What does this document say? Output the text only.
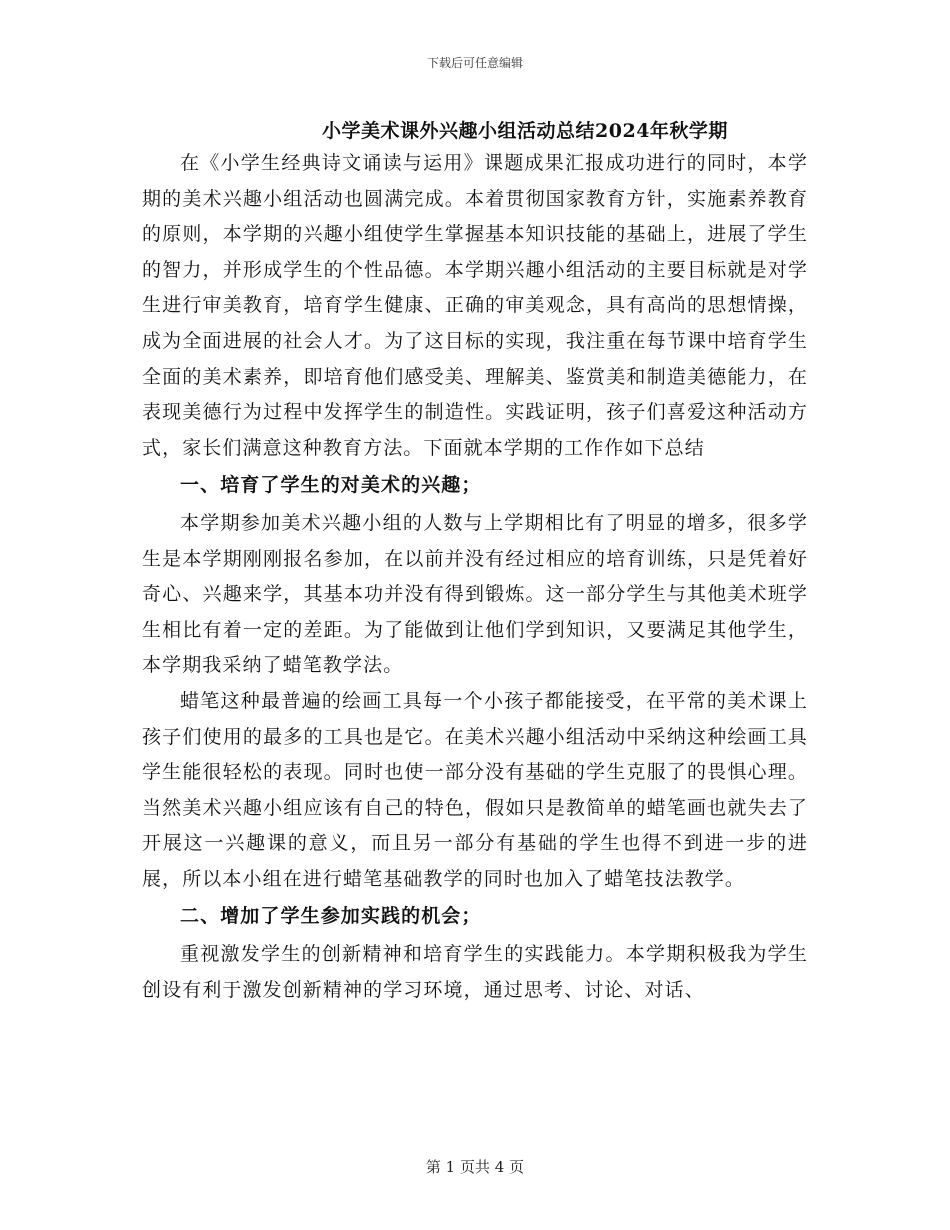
下载后可任意编辑
小学美术课外兴趣小组活动总结2024年秋学期

在《小学生经典诗文诵读与运用》课题成果汇报成功进行的同时，本学期的美术兴趣小组活动也圆满完成。本着贯彻国家教育方针，实施素养教育的原则，本学期的兴趣小组使学生掌握基本知识技能的基础上，进展了学生的智力，并形成学生的个性品德。本学期兴趣小组活动的主要目标就是对学生进行审美教育，培育学生健康、正确的审美观念，具有高尚的思想情操，成为全面进展的社会人才。为了这目标的实现，我注重在每节课中培育学生全面的美术素养，即培育他们感受美、理解美、鉴赏美和制造美德能力，在表现美德行为过程中发挥学生的制造性。实践证明，孩子们喜爱这种活动方式，家长们满意这种教育方法。下面就本学期的工作作如下总结

一、培育了学生的对美术的兴趣；

本学期参加美术兴趣小组的人数与上学期相比有了明显的增多，很多学生是本学期刚刚报名参加，在以前并没有经过相应的培育训练，只是凭着好奇心、兴趣来学，其基本功并没有得到锻炼。这一部分学生与其他美术班学生相比有着一定的差距。为了能做到让他们学到知识，又要满足其他学生，本学期我采纳了蜡笔教学法。

蜡笔这种最普遍的绘画工具每一个小孩子都能接受，在平常的美术课上孩子们使用的最多的工具也是它。在美术兴趣小组活动中采纳这种绘画工具学生能很轻松的表现。同时也使一部分没有基础的学生克服了的畏惧心理。当然美术兴趣小组应该有自己的特色，假如只是教简单的蜡笔画也就失去了开展这一兴趣课的意义，而且另一部分有基础的学生也得不到进一步的进展，所以本小组在进行蜡笔基础教学的同时也加入了蜡笔技法教学。

二、增加了学生参加实践的机会；

重视激发学生的创新精神和培育学生的实践能力。本学期积极我为学生创设有利于激发创新精神的学习环境，通过思考、讨论、对话、

第 1 页共 4 页
